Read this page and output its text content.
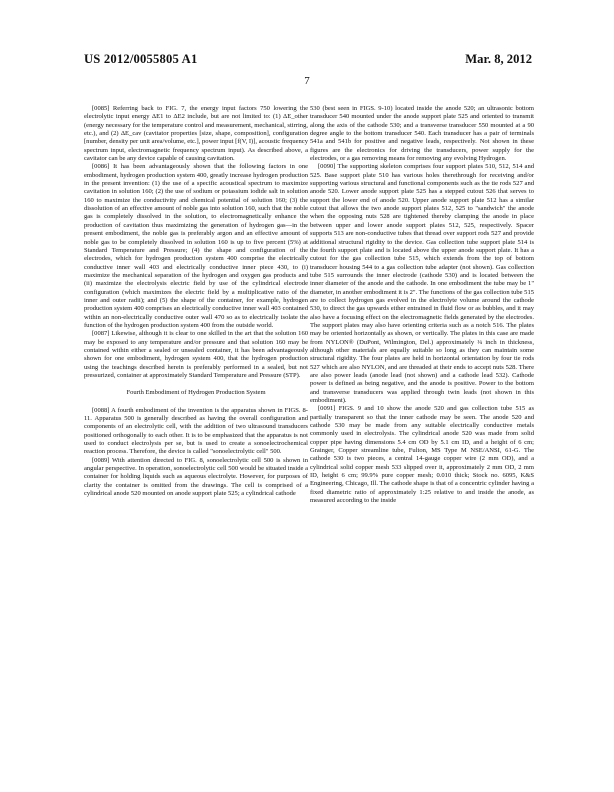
US 2012/0055805 A1	Mar. 8, 2012
7

[0085] Referring back to FIG. 7, the energy input factors 750 lowering the electrolytic input energy ΔE1 to ΔE2 include, but are not limited to: (1) ΔE_other (energy necessary for the temperature control and measurement, mechanical, stirring, etc.), and (2) ΔE_cav (cavitator properties [size, shape, composition], configuration [number, density per unit area/volume, etc.], power input [f(V, I)], acoustic frequency spectrum input, electromagnetic frequency spectrum input). As described above, a cavitator can be any device capable of causing cavitation.

[0086] It has been advantageously shown that the following factors in one embodiment, hydrogen production system 400, greatly increase hydrogen production in the present invention: (1) the use of a specific acoustical spectrum to maximize cavitation in solution 160; (2) the use of sodium or potassium iodide salt in solution 160 to maximize the conductivity and chemical potential of solution 160; (3) the dissolution of an effective amount of noble gas into solution 160, such that the noble gas is completely dissolved in the solution, to electromagnetically enhance the production of cavitation thus maximizing the generation of hydrogen gas—in the present embodiment, the noble gas is preferably argon and an effective amount of noble gas to be completely dissolved in solution 160 is up to five percent (5%) at Standard Temperature and Pressure; (4) the shape and configuration of the electrodes, which for hydrogen production system 400 comprise the electrically conductive inner wall 403 and electrically conductive inner piece 430, to (i) maximize the mechanical separation of the hydrogen and oxygen gas products and (ii) maximize the electrolysis electric field by use of the cylindrical electrode configuration (which maximizes the electric field by a multiplicative ratio of the inner and outer radii); and (5) the shape of the container, for example, hydrogen production system 400 comprises an electrically conductive inner wall 403 contained within an non-electrically conductive outer wall 470 so as to electrically isolate the function of the hydrogen production system 400 from the outside world.

[0087] Likewise, although it is clear to one skilled in the art that the solution 160 may be exposed to any temperature and/or pressure and that solution 160 may be contained within either a sealed or unsealed container, it has been advantageously shown for one embodiment, hydrogen system 400, that the hydrogen production using the teachings described herein is preferably performed in a sealed, but not pressurized, container at approximately Standard Temperature and Pressure (STP).

Fourth Embodiment of Hydrogen Production System

[0088] A fourth embodiment of the invention is the apparatus shown in FIGS. 8-11. Apparatus 500 is generally described as having the overall configuration and components of an electrolytic cell, with the addition of two ultrasound transducers positioned orthogonally to each other. It is to be emphasized that the apparatus is not used to conduct electrolysis per se, but is used to create a sonoelectrochemical reaction process. Therefore, the device is called "sonoelectrolytic cell" 500.

[0089] With attention directed to FIG. 8, sonoelectrolytic cell 500 is shown in angular perspective. In operation, sonoelectrolytic cell 500 would be situated inside a container for holding liquids such as aqueous electrolyte. However, for purposes of clarity the container is omitted from the drawings. The cell is comprised of a cylindrical anode 520 mounted on anode support plate 525; a cylindrical cathode

530 (best seen in FIGS. 9-10) located inside the anode 520; an ultrasonic bottom transducer 540 mounted under the anode support plate 525 and oriented to transmit along the axis of the cathode 530; and a transverse transducer 550 mounted at a 90 degree angle to the bottom transducer 540. Each transducer has a pair of terminals 541a and 541b for positive and negative leads, respectively. Not shown in these figures are the electronics for driving the transducers, power supply for the electrodes, or a gas removing means for removing any evolving Hydrogen.

[0090] The supporting skeleton comprises four support plates 510, 512, 514 and 525. Base support plate 510 has various holes therethrough for receiving and/or supporting various structural and functional components such as the tie rods 527 and anode 520. Lower anode support plate 525 has a stepped cutout 526 that serves to support the lower end of anode 520. Upper anode support plate 512 has a similar cutout that allows the two anode support plates 512, 525 to "sandwich" the anode when the opposing nuts 528 are tightened thereby clamping the anode in place between upper and lower anode support plates 512, 525, respectively. Spacer supports 513 are non-conductive tubes that thread over support rods 527 and provide additional structural rigidity to the device. Gas collection tube support plate 514 is the fourth support plate and is located above the upper anode support plate. It has a cutout for the gas collection tube 515, which extends from the top of bottom transducer housing 544 to a gas collection tube adapter (not shown). Gas collection tube 515 surrounds the inner electrode (cathode 530) and is located between the inner diameter of the anode and the cathode. In one embodiment the tube may be 1" diameter, in another embodiment it is 2". The functions of the gas collection tube 515 are to collect hydrogen gas evolved in the electrolyte volume around the cathode 530, to direct the gas upwards either entrained in fluid flow or as bubbles, and it may also have a focusing effect on the electromagnetic fields generated by the electrodes. The support plates may also have orienting criteria such as a notch 516. The plates may be oriented horizontally as shown, or vertically. The plates in this case are made from NYLON® (DuPont, Wilmington, Del.) approximately ¼ inch in thickness, although other materials are equally suitable so long as they can maintain some structural rigidity. The four plates are held in horizontal orientation by four tie rods 527 which are also NYLON, and are threaded at their ends to accept nuts 528. There are also power leads (anode lead (not shown) and a cathode lead 532). Cathode power is defined as being negative, and the anode is positive. Power to the bottom and transverse transducers was applied through twin leads (not shown in this embodiment).

[0091] FIGS. 9 and 10 show the anode 520 and gas collection tube 515 as partially transparent so that the inner cathode may be seen. The anode 520 and cathode 530 may be made from any suitable electrically conductive metals commonly used in electrolysis. The cylindrical anode 520 was made from solid copper pipe having dimensions 5.4 cm OD by 5.1 cm ID, and a height of 6 cm; Grainger, Copper streamline tube, Fulton, MS Type M NSE/ANSI, 61-G. The cathode 530 is two pieces, a central 14-gauge copper wire (2 mm OD), and a cylindrical solid copper mesh 533 slipped over it, approximately 2 mm OD, 2 mm ID, height 6 cm; 99.9% pure copper mesh; 0.010 thick; Stock no. 6095, K&S Engineering, Chicago, Ill. The cathode shape is that of a concentric cylinder having a fixed diametric ratio of approximately 1:25 relative to and inside the anode, as measured according to the inside
